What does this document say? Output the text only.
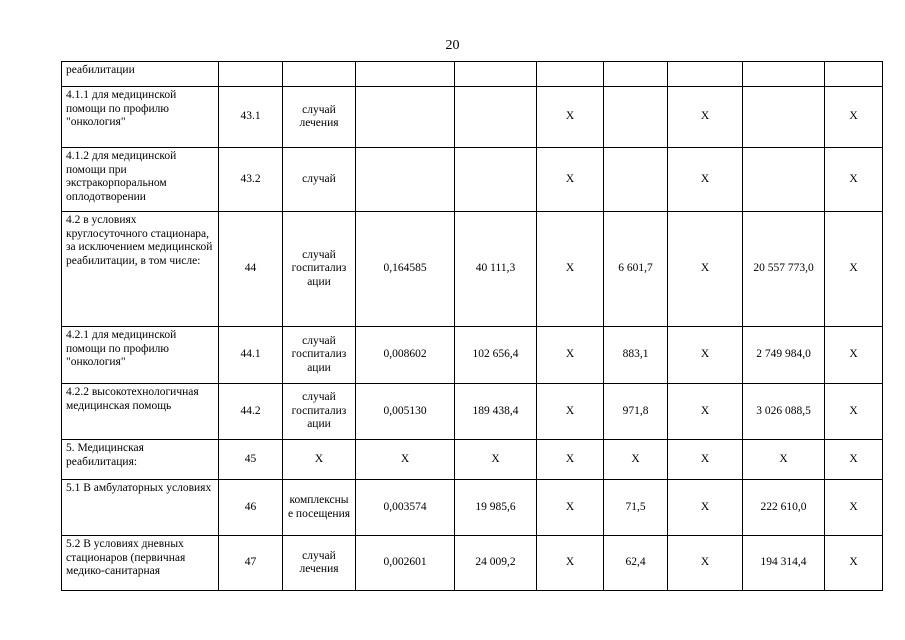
20
реабилитации									
4.1.1 для медицинской помощи по профилю "онкология"	43.1	случай лечения			X		X		X
4.1.2 для медицинской помощи при экстракорпоральном оплодотворении	43.2	случай			X		X		X
4.2 в условиях круглосуточного стационара, за исключением медицинской реабилитации, в том числе:	44	случай госпитализ ации	0,164585	40 111,3	X	6 601,7	X	20 557 773,0	X
4.2.1 для медицинской помощи по профилю "онкология"	44.1	случай госпитализ ации	0,008602	102 656,4	X	883,1	X	2 749 984,0	X
4.2.2 высокотехнологичная медицинская помощь	44.2	случай госпитализ ации	0,005130	189 438,4	X	971,8	X	3 026 088,5	X
5. Медицинская реабилитация:	45	X	X	X	X	X	X	X	X
5.1 В амбулаторных условиях	46	комплексны е посещения	0,003574	19 985,6	X	71,5	X	222 610,0	X
5.2 В условиях дневных стационаров (первичная медико-санитарная	47	случай лечения	0,002601	24 009,2	X	62,4	X	194 314,4	X
